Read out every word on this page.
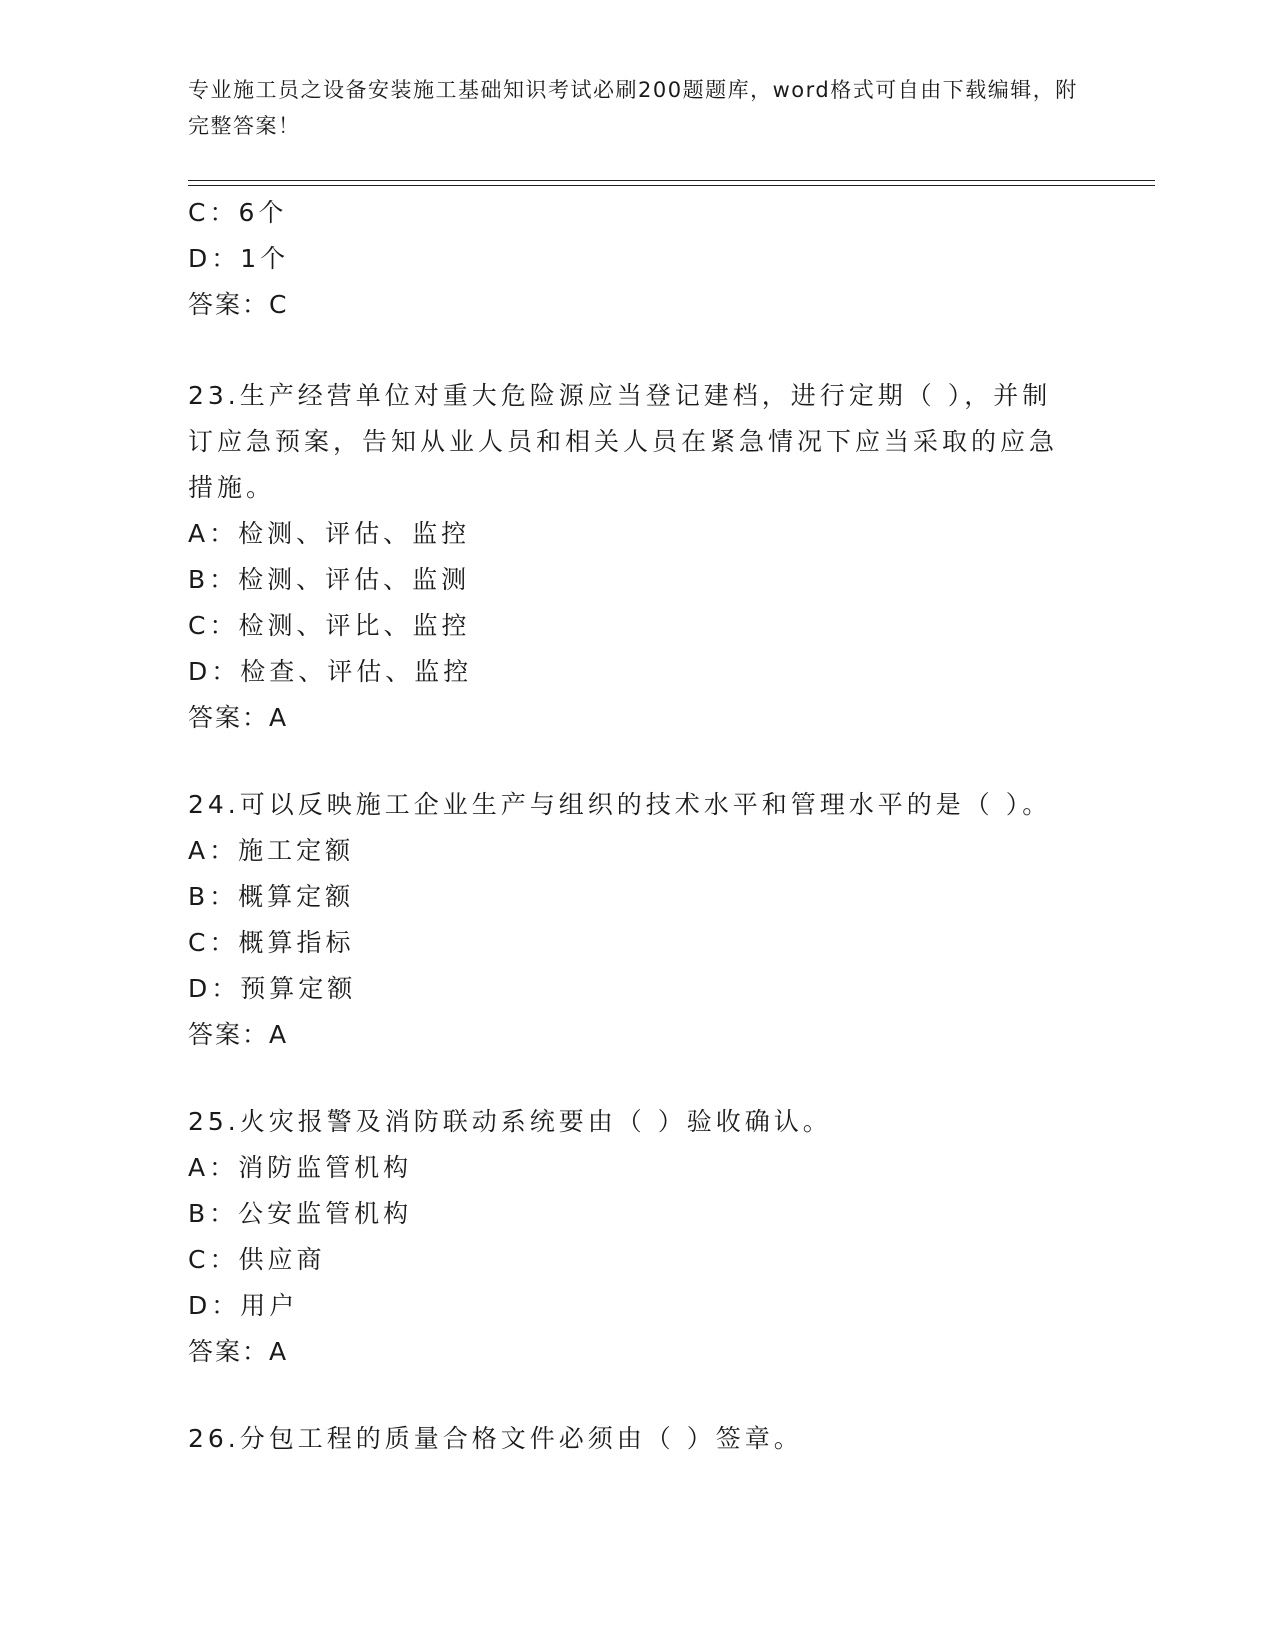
专业施工员之设备安装施工基础知识考试必刷200题题库，word格式可自由下载编辑，附完整答案！
C：6个
D：1个
答案：C
23.生产经营单位对重大危险源应当登记建档，进行定期（ ），并制订应急预案，告知从业人员和相关人员在紧急情况下应当采取的应急措施。
A：检测、评估、监控
B：检测、评估、监测
C：检测、评比、监控
D：检查、评估、监控
答案：A
24.可以反映施工企业生产与组织的技术水平和管理水平的是（ ）。
A：施工定额
B：概算定额
C：概算指标
D：预算定额
答案：A
25.火灾报警及消防联动系统要由（ ）验收确认。
A：消防监管机构
B：公安监管机构
C：供应商
D：用户
答案：A
26.分包工程的质量合格文件必须由（ ）签章。
